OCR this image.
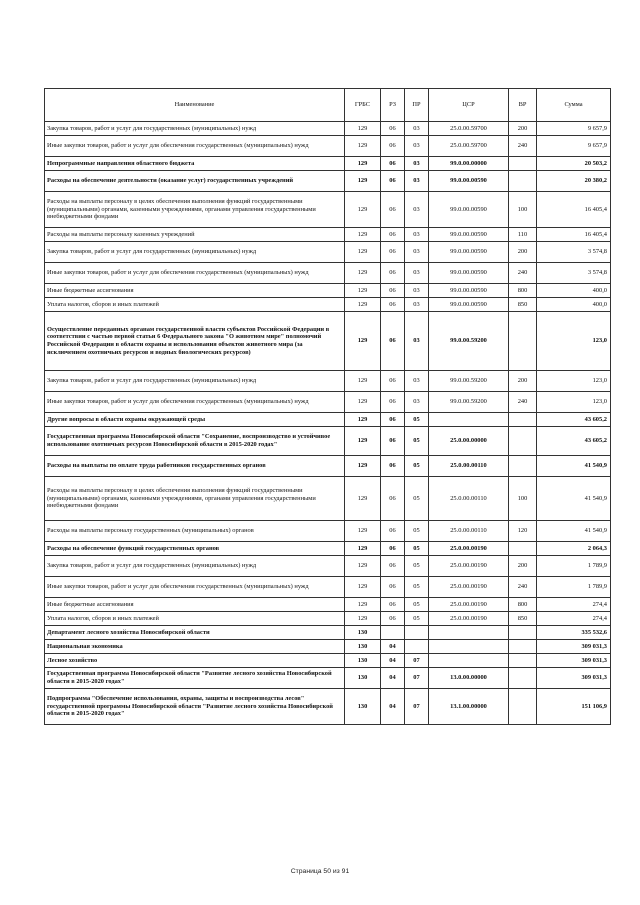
Наименование	ГРБС	РЗ	ПР	ЦСР	ВР	Сумма
Закупка товаров, работ и услуг для государственных (муниципальных) нужд	129	06	03	25.0.00.59700	200	9 657,9
Иные закупки товаров, работ и услуг для обеспечения государственных (муниципальных) нужд	129	06	03	25.0.00.59700	240	9 657,9
Непрограммные направления областного бюджета	129	06	03	99.0.00.00000		20 503,2
Расходы на обеспечение деятельности (оказание услуг) государственных учреждений	129	06	03	99.0.00.00590		20 380,2
Расходы на выплаты персоналу в целях обеспечения выполнения функций государственными (муниципальными) органами, казенными учреждениями, органами управления государственными внебюджетными фондами	129	06	03	99.0.00.00590	100	16 405,4
Расходы на выплаты персоналу казенных учреждений	129	06	03	99.0.00.00590	110	16 405,4
Закупка товаров, работ и услуг для государственных (муниципальных) нужд	129	06	03	99.0.00.00590	200	3 574,8
Иные закупки товаров, работ и услуг для обеспечения государственных (муниципальных) нужд	129	06	03	99.0.00.00590	240	3 574,8
Иные бюджетные ассигнования	129	06	03	99.0.00.00590	800	400,0
Уплата налогов, сборов и иных платежей	129	06	03	99.0.00.00590	850	400,0
Осуществление переданных органам государственной власти субъектов Российской Федерации в соответствии с частью первой статьи 6 Федерального закона "О животном мире" полномочий Российской Федерации в области охраны и использования объектов животного мира (за исключением охотничьих ресурсов и водных биологических ресурсов)	129	06	03	99.0.00.59200		123,0
Закупка товаров, работ и услуг для государственных (муниципальных) нужд	129	06	03	99.0.00.59200	200	123,0
Иные закупки товаров, работ и услуг для обеспечения государственных (муниципальных) нужд	129	06	03	99.0.00.59200	240	123,0
Другие вопросы в области охраны окружающей среды	129	06	05			43 605,2
Государственная программа Новосибирской области "Сохранение, воспроизводство и устойчивое использование охотничьих ресурсов Новосибирской области в 2015-2020 годах"	129	06	05	25.0.00.00000		43 605,2
Расходы на выплаты по оплате труда работников государственных органов	129	06	05	25.0.00.00110		41 540,9
Расходы на выплаты персоналу в целях обеспечения выполнения функций государственными (муниципальными) органами, казенными учреждениями, органами управления государственными внебюджетными фондами	129	06	05	25.0.00.00110	100	41 540,9
Расходы на выплаты персоналу государственных (муниципальных) органов	129	06	05	25.0.00.00110	120	41 540,9
Расходы на обеспечение функций государственных органов	129	06	05	25.0.00.00190		2 064,3
Закупка товаров, работ и услуг для государственных (муниципальных) нужд	129	06	05	25.0.00.00190	200	1 789,9
Иные закупки товаров, работ и услуг для обеспечения государственных (муниципальных) нужд	129	06	05	25.0.00.00190	240	1 789,9
Иные бюджетные ассигнования	129	06	05	25.0.00.00190	800	274,4
Уплата налогов, сборов и иных платежей	129	06	05	25.0.00.00190	850	274,4
Департамент лесного хозяйства Новосибирской области	130					335 532,6
Национальная экономика	130	04				309 031,3
Лесное хозяйство	130	04	07			309 031,3
Государственная программа Новосибирской области "Развитие лесного хозяйства Новосибирской области в 2015-2020 годах"	130	04	07	13.0.00.00000		309 031,3
Подпрограмма "Обеспечение использования, охраны, защиты и воспроизводства лесов" государственной программы Новосибирской области "Развитие лесного хозяйства Новосибирской области в 2015-2020 годах"	130	04	07	13.1.00.00000		151 106,9
Страница 50 из 91
